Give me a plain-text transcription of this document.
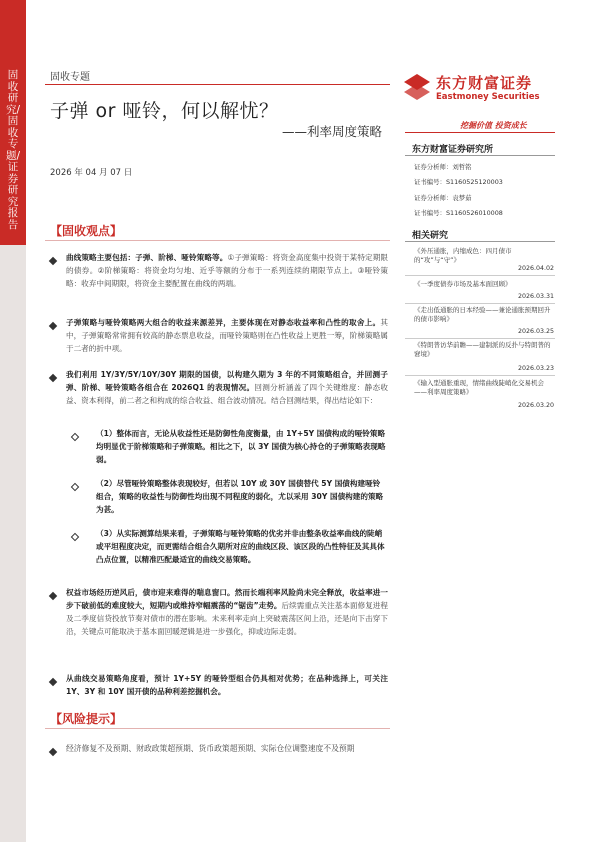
固收研究/固收专题/证券研究报告
固收专题
子弹 or 哑铃，何以解忧？
——利率周度策略
2026 年 04 月 07 日
【固收观点】
曲线策略主要包括：子弹、阶梯、哑铃策略等。①子弹策略：将资金高度集中投资于某特定期限的债券。②阶梯策略：将资金均匀地、近乎等额的分布于一系列连续的期限节点上。③哑铃策略：收弃中间期限，将资金主要配置在曲线的两端。
子弹策略与哑铃策略两大组合的收益来源差异，主要体现在对静态收益率和凸性的取舍上。其中，子弹策略常常拥有较高的静态票息收益，而哑铃策略则在凸性收益上更胜一筹，阶梯策略属于二者的折中项。
我们利用 1Y/3Y/5Y/10Y/30Y 期限的国债，以构建久期为 3 年的不同策略组合，并回测子弹、阶梯、哑铃策略各组合在 2026Q1 的表现情况。回测分析涵盖了四个关键维度：静态收益、资本利得，前二者之和构成的综合收益、组合波动情况。结合回测结果，得出结论如下：
（1）整体而言，无论从收益性还是防御性角度衡量，由 1Y+5Y 国债构成的哑铃策略均明显优于阶梯策略和子弹策略。相比之下，以 3Y 国债为核心持仓的子弹策略表现略弱。
（2）尽管哑铃策略整体表现较好，但若以 10Y 或 30Y 国债替代 5Y 国债构建哑铃组合，策略的收益性与防御性均出现不同程度的弱化，尤以采用 30Y 国债构建的策略为甚。
（3）从实际测算结果来看，子弹策略与哑铃策略的优劣并非由整条收益率曲线的陡峭或平坦程度决定，而更需结合组合久期所对应的曲线区段、该区段的凸性特征及其具体凸点位置，以精准匹配最适宜的曲线交易策略。
权益市场经历逆风后，债市迎来难得的喘息窗口。然而长端利率风险尚未完全释放，收益率进一步下破前低的难度较大，短期内或维持窄幅震荡的“锯齿”走势。后续需重点关注基本面修复进程及二季度信贷投放节奏对债市的潜在影响。未来利率走向上突破震荡区间上沿，还是向下击穿下沿，关键点可能取决于基本面回暖逻辑是进一步强化，抑或边际走弱。
从曲线交易策略角度看，预计 1Y+5Y 的哑铃型组合仍具相对优势；在品种选择上，可关注 1Y、3Y 和 10Y 国开债的品种利差挖掘机会。
【风险提示】
经济修复不及预期、财政政策超预期、货币政策超预期、实际仓位调整速度不及预期
东方财富证券
Eastmoney Securities
挖掘价值 投资成长
东方财富证券研究所
证券分析师：刘哲铭
证书编号：S1160525120003
证券分析师：袁梦茹
证书编号：S1160526010008
相关研究
《外压通胀，内缩成色：四月债市的“攻”与“守”》
2026.04.02
《一季度债券市场及基本面回顾》
2026.03.31
《走出低通胀的日本经验——兼论通胀预期回升的债市影响》
2026.03.25
《特朗普访华前瞻——建制派的反扑与特朗普的窘境》
2026.03.23
《输入型通胀重现，情绪曲线陡峭化交易机会——利率周度策略》
2026.03.20
